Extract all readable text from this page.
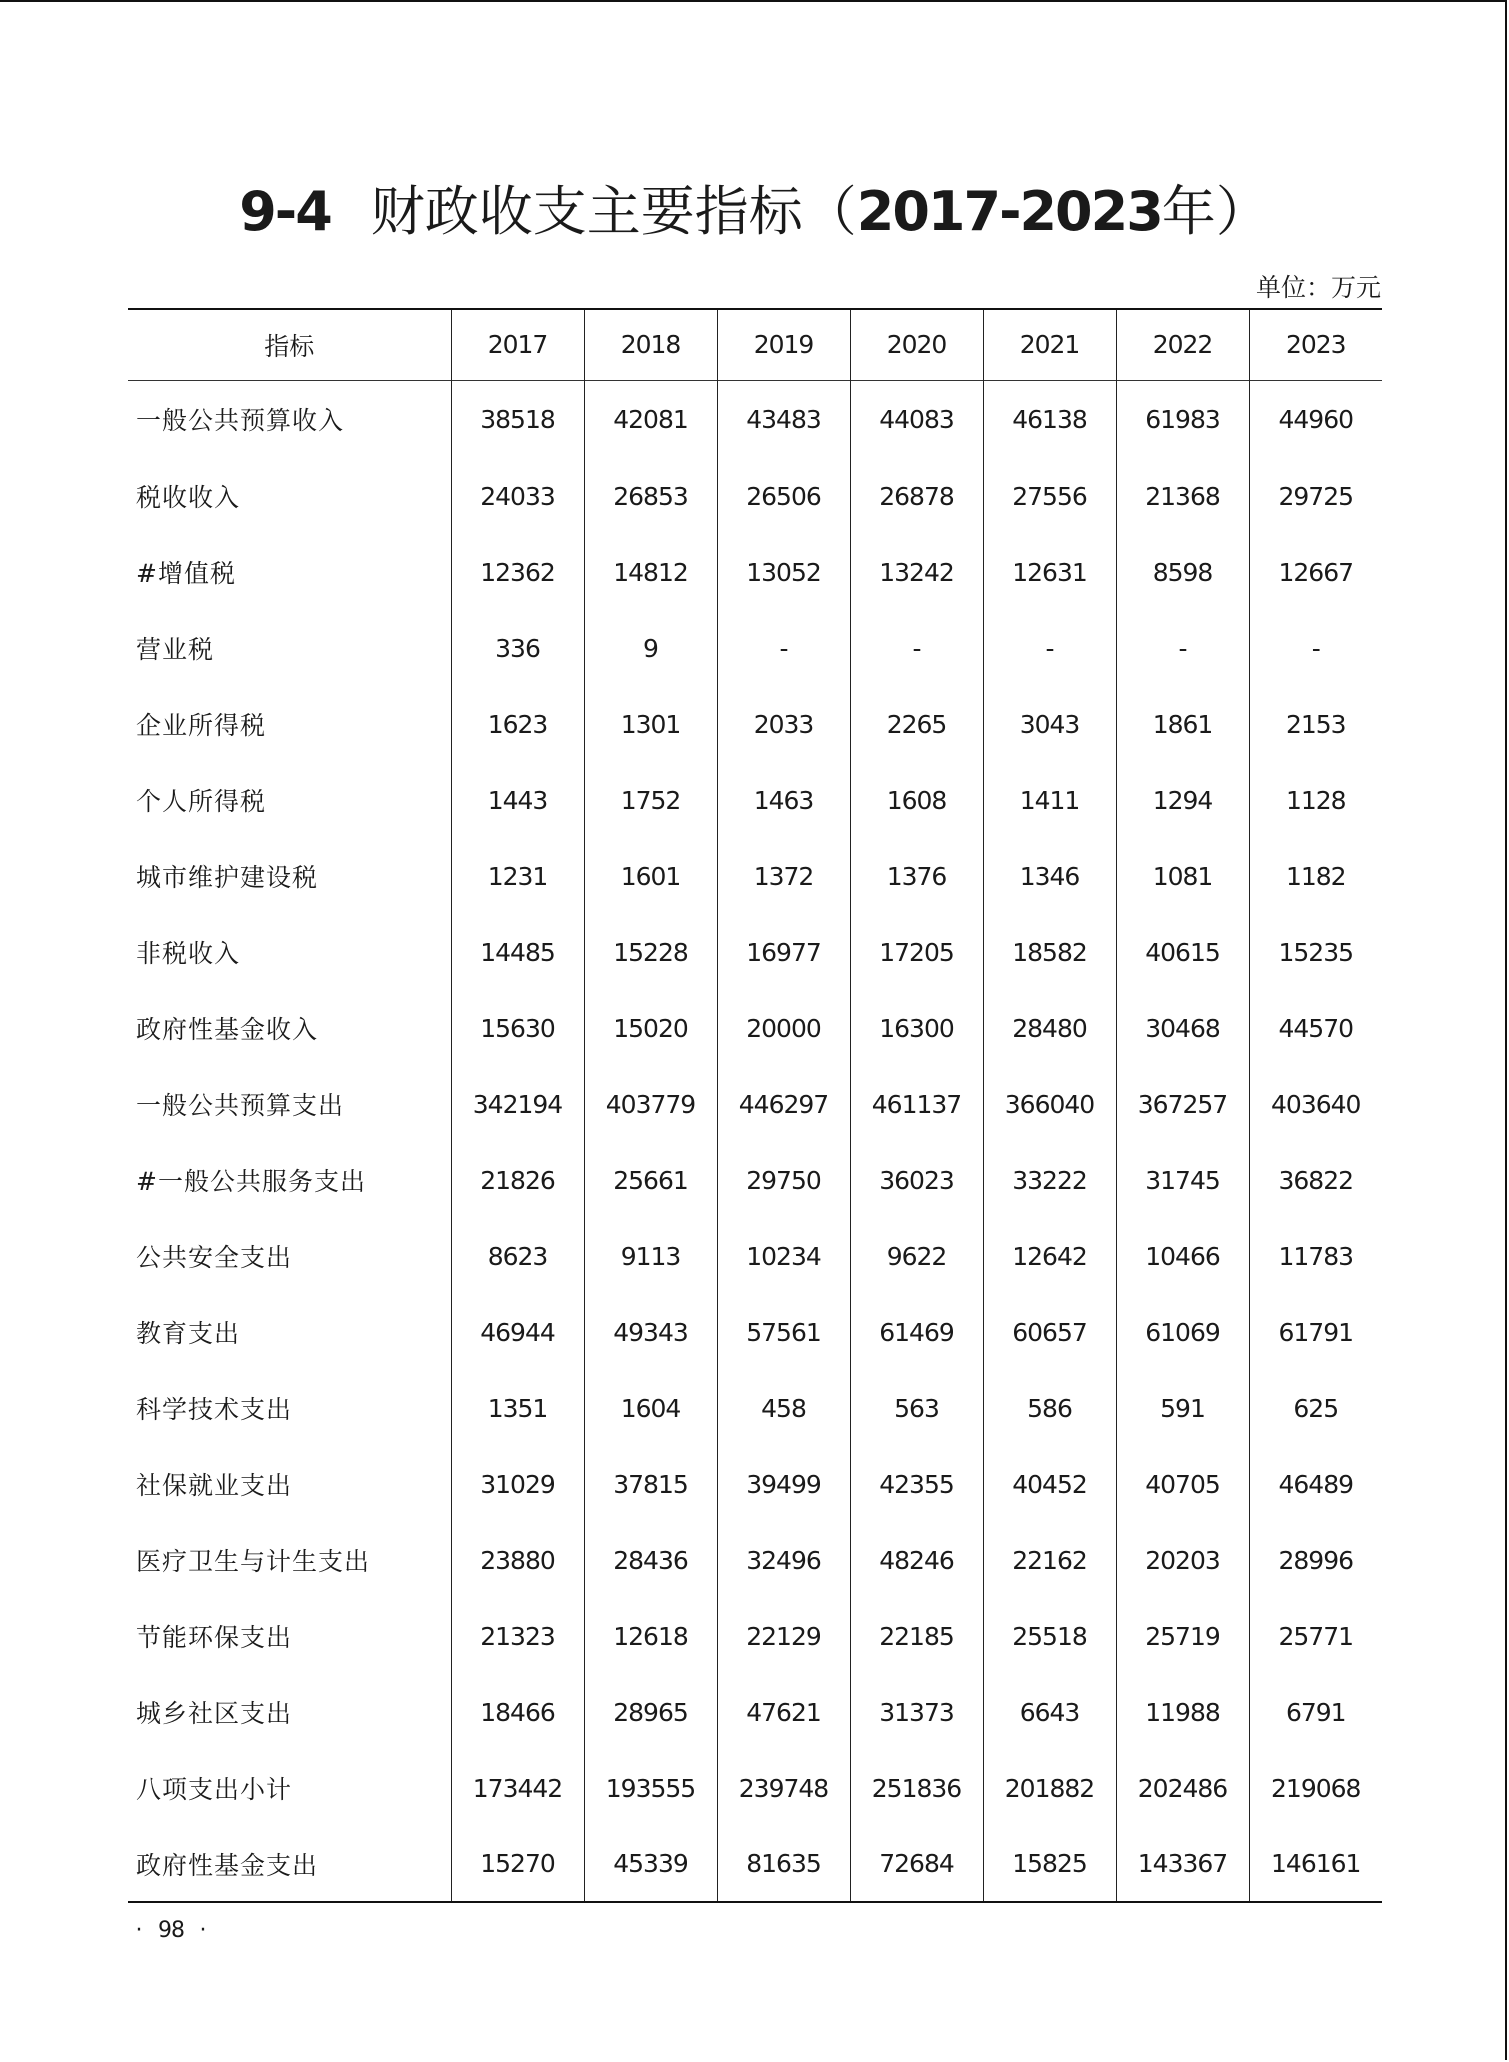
9-4 财政收支主要指标（2017-2023年）
单位：万元
指标	2017	2018	2019	2020	2021	2022	2023
一般公共预算收入	38518	42081	43483	44083	46138	61983	44960
税收收入	24033	26853	26506	26878	27556	21368	29725
#增值税	12362	14812	13052	13242	12631	8598	12667
营业税	336	9	-	-	-	-	-
企业所得税	1623	1301	2033	2265	3043	1861	2153
个人所得税	1443	1752	1463	1608	1411	1294	1128
城市维护建设税	1231	1601	1372	1376	1346	1081	1182
非税收入	14485	15228	16977	17205	18582	40615	15235
政府性基金收入	15630	15020	20000	16300	28480	30468	44570
一般公共预算支出	342194	403779	446297	461137	366040	367257	403640
#一般公共服务支出	21826	25661	29750	36023	33222	31745	36822
公共安全支出	8623	9113	10234	9622	12642	10466	11783
教育支出	46944	49343	57561	61469	60657	61069	61791
科学技术支出	1351	1604	458	563	586	591	625
社保就业支出	31029	37815	39499	42355	40452	40705	46489
医疗卫生与计生支出	23880	28436	32496	48246	22162	20203	28996
节能环保支出	21323	12618	22129	22185	25518	25719	25771
城乡社区支出	18466	28965	47621	31373	6643	11988	6791
八项支出小计	173442	193555	239748	251836	201882	202486	219068
政府性基金支出	15270	45339	81635	72684	15825	143367	146161
· 98 ·
